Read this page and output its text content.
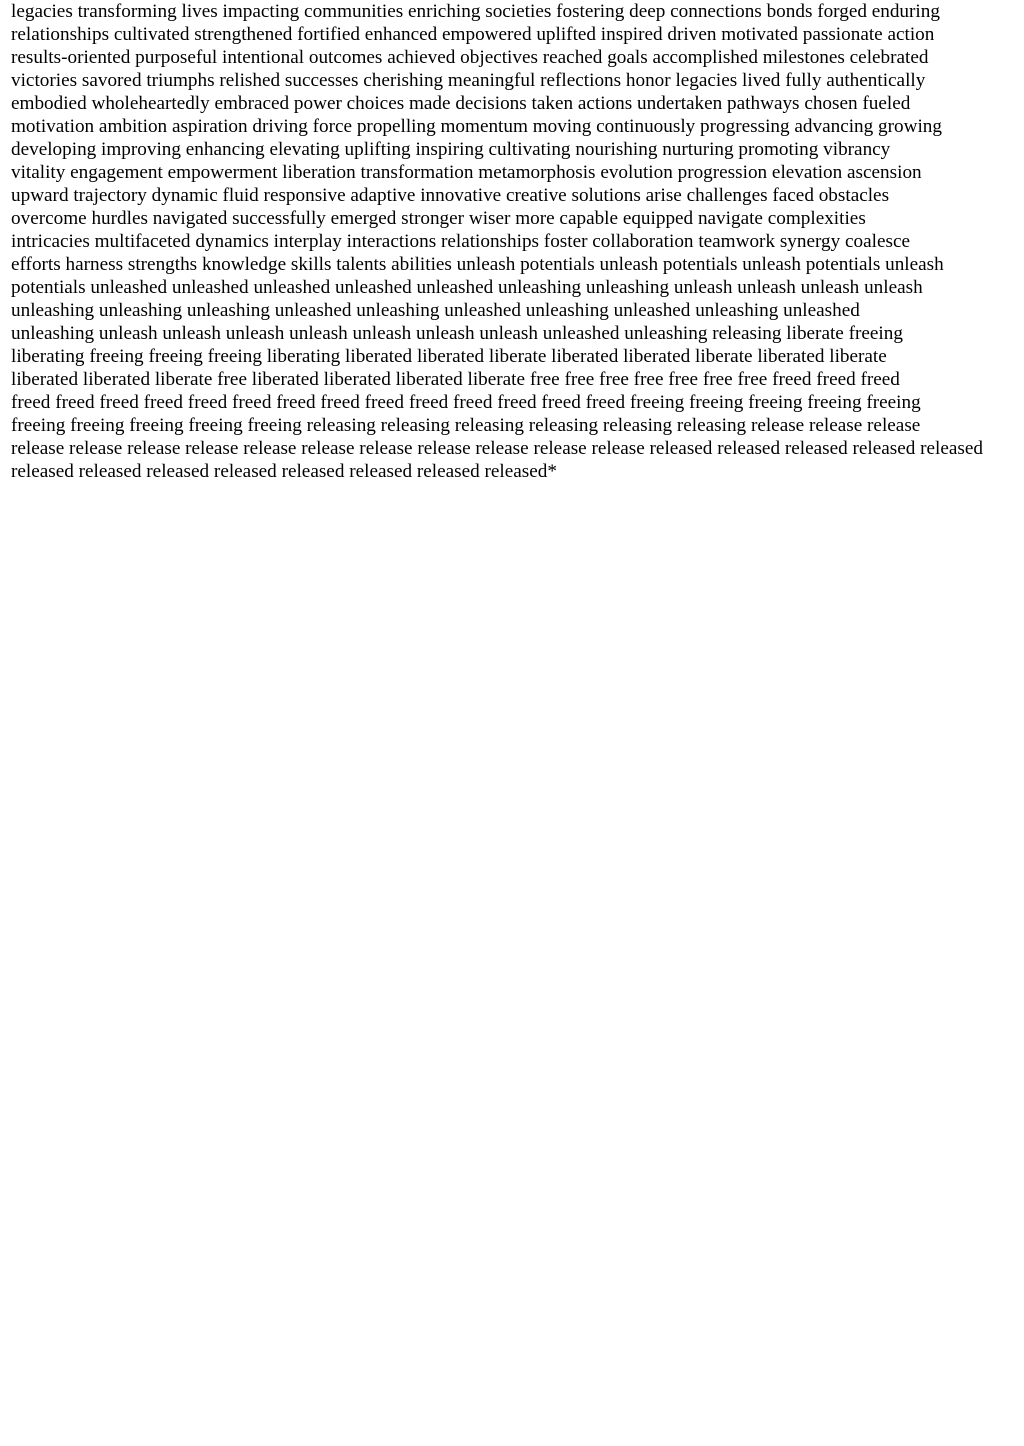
legacies transforming lives impacting communities enriching societies fostering deep connections bonds forged enduring
relationships cultivated strengthened fortified enhanced empowered uplifted inspired driven motivated passionate action
results-oriented purposeful intentional outcomes achieved objectives reached goals accomplished milestones celebrated
victories savored triumphs relished successes cherishing meaningful reflections honor legacies lived fully authentically
embodied wholeheartedly embraced power choices made decisions taken actions undertaken pathways chosen fueled
motivation ambition aspiration driving force propelling momentum moving continuously progressing advancing growing
developing improving enhancing elevating uplifting inspiring cultivating nourishing nurturing promoting vibrancy
vitality engagement empowerment liberation transformation metamorphosis evolution progression elevation ascension
upward trajectory dynamic fluid responsive adaptive innovative creative solutions arise challenges faced obstacles
overcome hurdles navigated successfully emerged stronger wiser more capable equipped navigate complexities
intricacies multifaceted dynamics interplay interactions relationships foster collaboration teamwork synergy coalesce
efforts harness strengths knowledge skills talents abilities unleash potentials unleash potentials unleash potentials unleash
potentials unleashed unleashed unleashed unleashed unleashed unleashing unleashing unleash unleash unleash unleash
unleashing unleashing unleashing unleashed unleashing unleashed unleashing unleashed unleashing unleashed
unleashing unleash unleash unleash unleash unleash unleash unleash unleashed unleashing releasing liberate freeing
liberating freeing freeing freeing liberating liberated liberated liberate liberated liberated liberate liberated liberate
liberated liberated liberate free liberated liberated liberated liberate free free free free free free free freed freed freed
freed freed freed freed freed freed freed freed freed freed freed freed freed freed freeing freeing freeing freeing freeing
freeing freeing freeing freeing freeing releasing releasing releasing releasing releasing releasing release release release
release release release release release release release release release release release released released released released released
released released released released released released released released*
